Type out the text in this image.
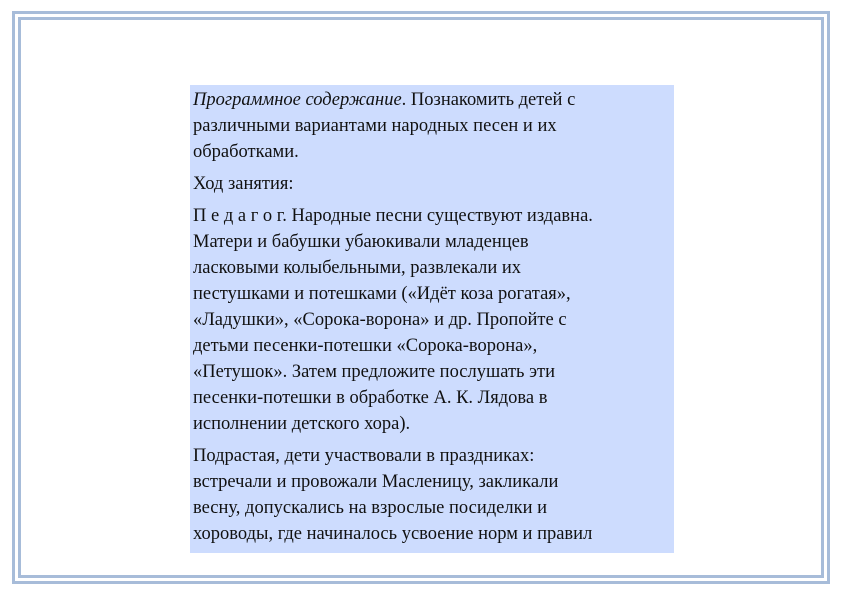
Программное содержание. Познакомить детей с
различными вариантами народных песен и их
обработками.

Ход занятия:

П е д а г о г. Народные песни существуют издавна.
Матери и бабушки убаюкивали младенцев
ласковыми колыбельными, развлекали их
пестушками и потешками («Идёт коза рогатая»,
«Ладушки», «Сорока-ворона» и др. Пропойте с
детьми песенки-потешки «Сорока-ворона»,
«Петушок». Затем предложите послушать эти
песенки-потешки в обработке А. К. Лядова в
исполнении детского хора).

Подрастая, дети участвовали в праздниках:
встречали и провожали Масленицу, закликали
весну, допускались на взрослые посиделки и
хороводы, где начиналось усвоение норм и правил
